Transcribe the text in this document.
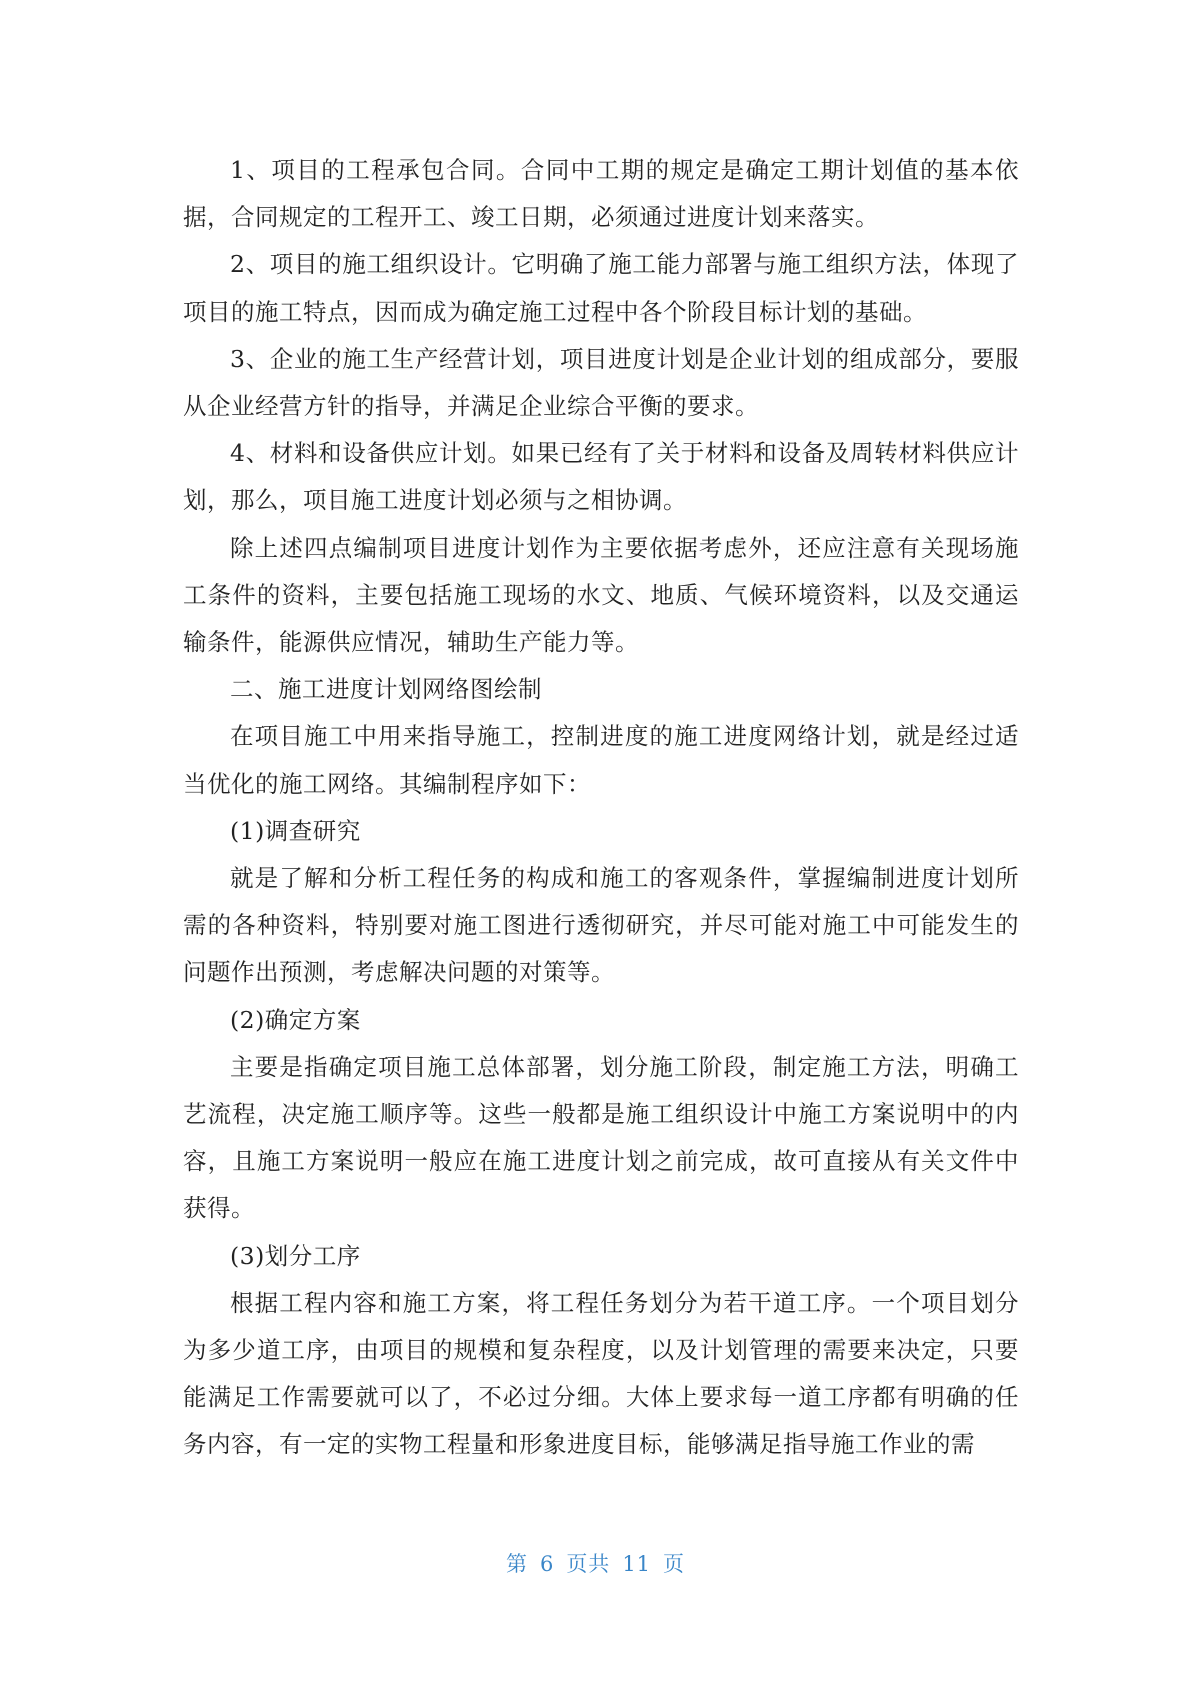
1、项目的工程承包合同。合同中工期的规定是确定工期计划值的基本依据，合同规定的工程开工、竣工日期，必须通过进度计划来落实。

2、项目的施工组织设计。它明确了施工能力部署与施工组织方法，体现了项目的施工特点，因而成为确定施工过程中各个阶段目标计划的基础。

3、企业的施工生产经营计划，项目进度计划是企业计划的组成部分，要服从企业经营方针的指导，并满足企业综合平衡的要求。

4、材料和设备供应计划。如果已经有了关于材料和设备及周转材料供应计划，那么，项目施工进度计划必须与之相协调。

除上述四点编制项目进度计划作为主要依据考虑外，还应注意有关现场施工条件的资料，主要包括施工现场的水文、地质、气候环境资料，以及交通运输条件，能源供应情况，辅助生产能力等。

二、施工进度计划网络图绘制

在项目施工中用来指导施工，控制进度的施工进度网络计划，就是经过适当优化的施工网络。其编制程序如下：

(1)调查研究

就是了解和分析工程任务的构成和施工的客观条件，掌握编制进度计划所需的各种资料，特别要对施工图进行透彻研究，并尽可能对施工中可能发生的问题作出预测，考虑解决问题的对策等。

(2)确定方案

主要是指确定项目施工总体部署，划分施工阶段，制定施工方法，明确工艺流程，决定施工顺序等。这些一般都是施工组织设计中施工方案说明中的内容，且施工方案说明一般应在施工进度计划之前完成，故可直接从有关文件中获得。

(3)划分工序

根据工程内容和施工方案，将工程任务划分为若干道工序。一个项目划分为多少道工序，由项目的规模和复杂程度，以及计划管理的需要来决定，只要能满足工作需要就可以了，不必过分细。大体上要求每一道工序都有明确的任务内容，有一定的实物工程量和形象进度目标，能够满足指导施工作业的需

第 6 页共 11 页
